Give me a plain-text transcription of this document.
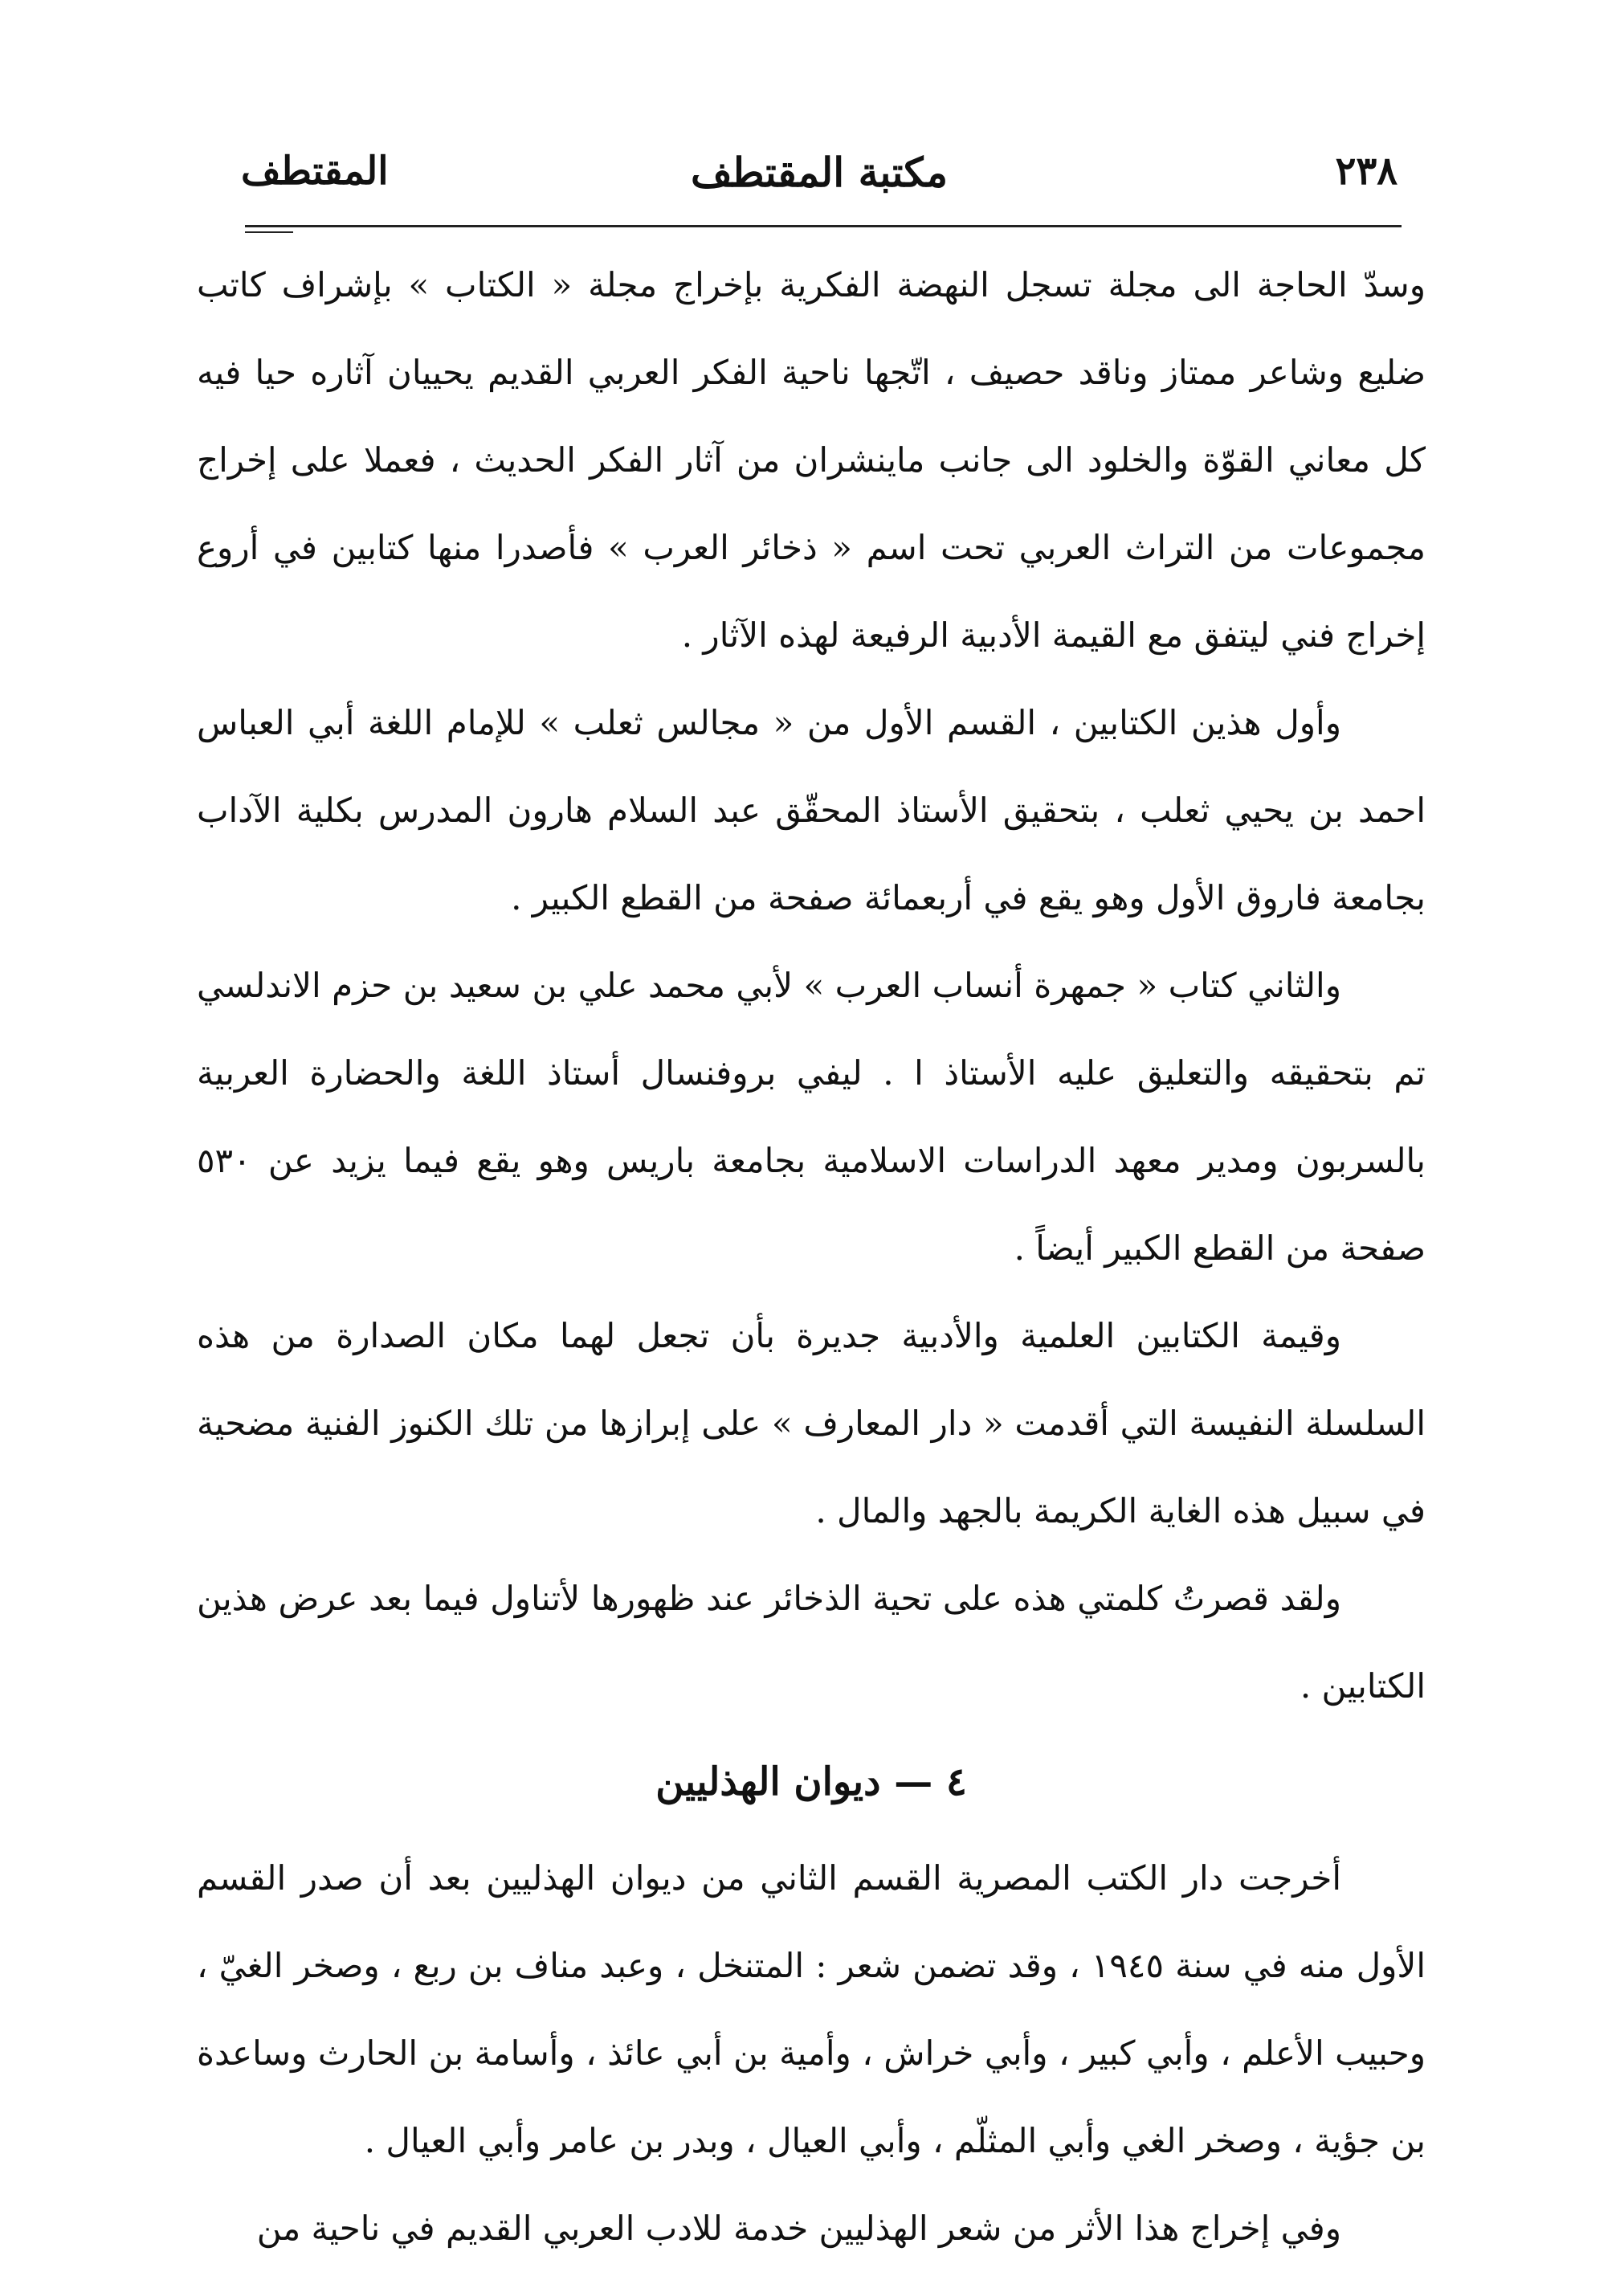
٢٣٨
مكتبة المقتطف
المقتطف

وسدّ الحاجة الى مجلة تسجل النهضة الفكرية بإخراج مجلة « الكتاب » بإشراف كاتب ضليع وشاعر ممتاز وناقد حصيف ، اتّجها ناحية الفكر العربي القديم يحييان آثاره حيا فيه كل معاني القوّة والخلود الى جانب ماينشران من آثار الفكر الحديث ، فعملا على إخراج مجموعات من التراث العربي تحت اسم « ذخائر العرب » فأصدرا منها كتابين في أروع إخراج فني ليتفق مع القيمة الأدبية الرفيعة لهذه الآثار .

وأول هذين الكتابين ، القسم الأول من « مجالس ثعلب » للإمام اللغة أبي العباس احمد بن يحيي ثعلب ، بتحقيق الأستاذ المحقّق عبد السلام هارون المدرس بكلية الآداب بجامعة فاروق الأول وهو يقع في أربعمائة صفحة من القطع الكبير .

والثاني كتاب « جمهرة أنساب العرب » لأبي محمد علي بن سعيد بن حزم الاندلسي تم بتحقيقه والتعليق عليه الأستاذ ا . ليفي بروفنسال أستاذ اللغة والحضارة العربية بالسربون ومدير معهد الدراسات الاسلامية بجامعة باريس وهو يقع فيما يزيد عن ٥٣٠ صفحة من القطع الكبير أيضاً .

وقيمة الكتابين العلمية والأدبية جديرة بأن تجعل لهما مكان الصدارة من هذه السلسلة النفيسة التي أقدمت « دار المعارف » على إبرازها من تلك الكنوز الفنية مضحية في سبيل هذه الغاية الكريمة بالجهد والمال .

ولقد قصرتُ كلمتي هذه على تحية الذخائر عند ظهورها لأتناول فيما بعد عرض هذين الكتابين .

٤ — ديوان الهذليين

أخرجت دار الكتب المصرية القسم الثاني من ديوان الهذليين بعد أن صدر القسم الأول منه في سنة ١٩٤٥ ، وقد تضمن شعر : المتنخل ، وعبد مناف بن ربع ، وصخر الغيّ ، وحبيب الأعلم ، وأبي كبير ، وأبي خراش ، وأمية بن أبي عائذ ، وأسامة بن الحارث وساعدة بن جؤية ، وصخر الغي وأبي المثلّم ، وأبي العيال ، وبدر بن عامر وأبي العيال .

وفي إخراج هذا الأثر من شعر الهذليين خدمة للادب العربي القديم في ناحية من
